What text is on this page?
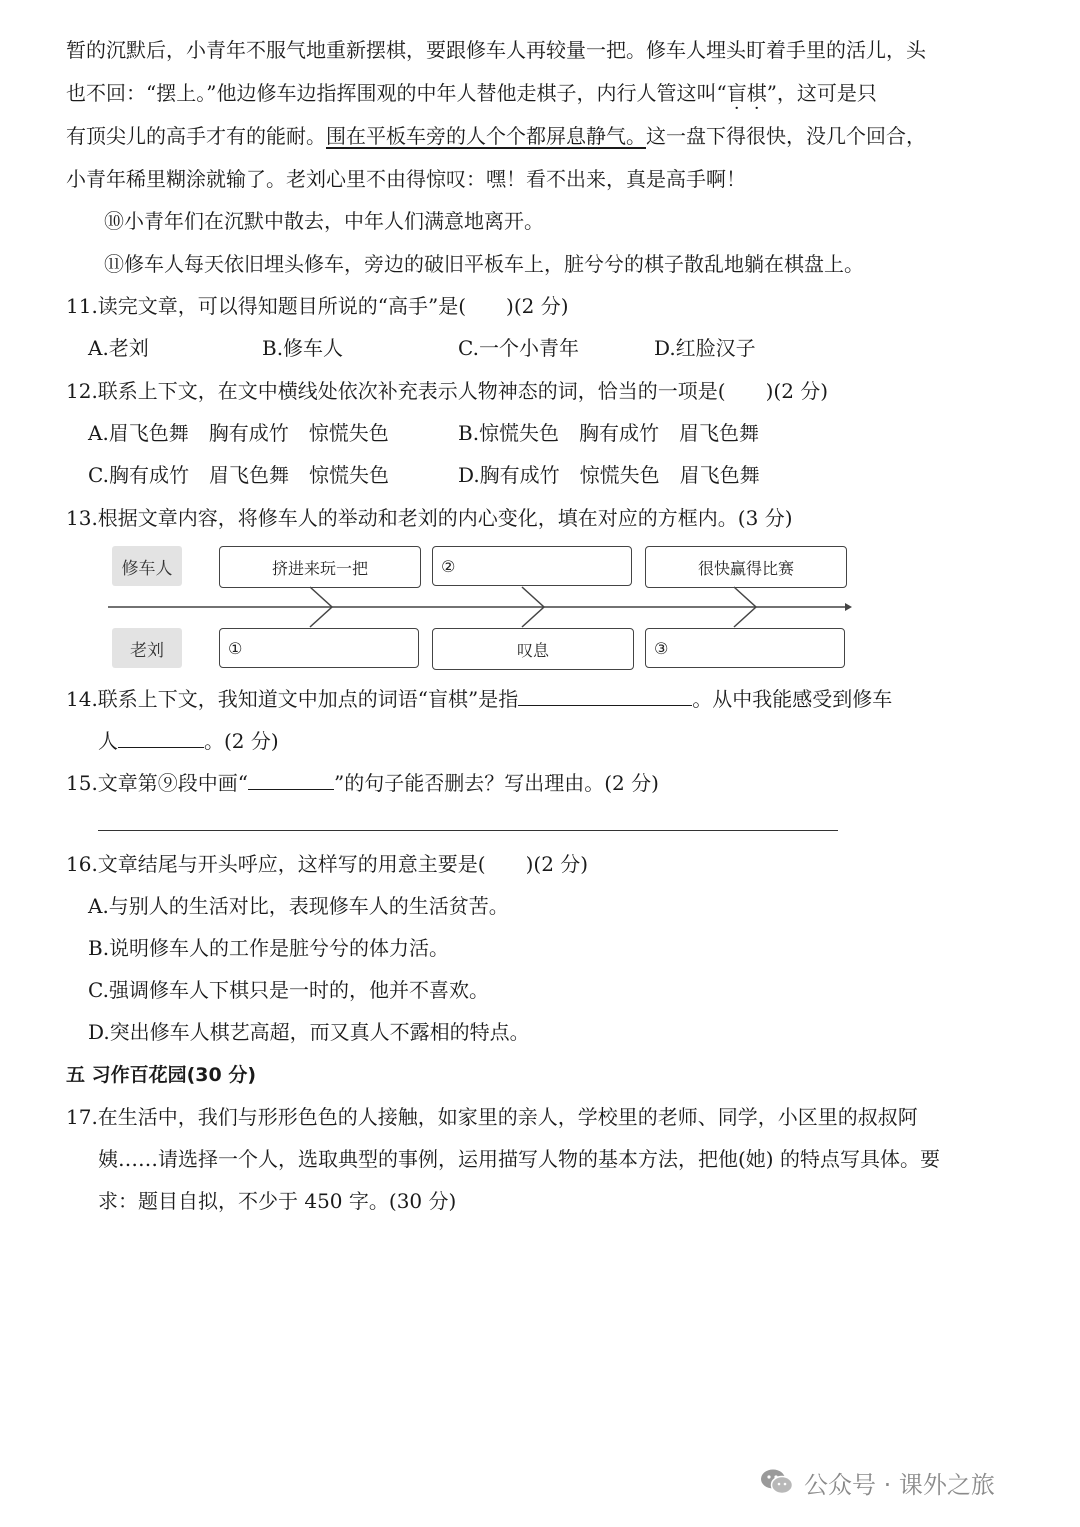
暂的沉默后，小青年不服气地重新摆棋，要跟修车人再较量一把。修车人埋头盯着手里的活儿，头
也不回：“摆上。”他边修车边指挥围观的中年人替他走棋子，内行人管这叫“盲棋”，这可是只
有顶尖儿的高手才有的能耐。围在平板车旁的人个个都屏息静气。这一盘下得很快，没几个回合，
小青年稀里糊涂就输了。老刘心里不由得惊叹：嘿！看不出来，真是高手啊！
⑩小青年们在沉默中散去，中年人们满意地离开。
⑪修车人每天依旧埋头修车，旁边的破旧平板车上，脏兮兮的棋子散乱地躺在棋盘上。
11.读完文章，可以得知题目所说的“高手”是(　　)(2 分)
A.老刘	B.修车人	C.一个小青年	D.红脸汉子
12.联系上下文，在文中横线处依次补充表示人物神态的词，恰当的一项是(　　)(2 分)
A.眉飞色舞　胸有成竹　惊慌失色	B.惊慌失色　胸有成竹　眉飞色舞
C.胸有成竹　眉飞色舞　惊慌失色	D.胸有成竹　惊慌失色　眉飞色舞
13.根据文章内容，将修车人的举动和老刘的内心变化，填在对应的方框内。(3 分)
修车人
老刘
挤进来玩一把	②	很快赢得比赛
①	叹息	③
14.联系上下文，我知道文中加点的词语“盲棋”是指	。从中我能感受到修车
人	。(2 分)
15.文章第⑨段中画“	”的句子能否删去？写出理由。(2 分)
16.文章结尾与开头呼应，这样写的用意主要是(　　)(2 分)
A.与别人的生活对比，表现修车人的生活贫苦。
B.说明修车人的工作是脏兮兮的体力活。
C.强调修车人下棋只是一时的，他并不喜欢。
D.突出修车人棋艺高超，而又真人不露相的特点。
五 习作百花园(30 分)
17.在生活中，我们与形形色色的人接触，如家里的亲人，学校里的老师、同学，小区里的叔叔阿
姨……请选择一个人，选取典型的事例，运用描写人物的基本方法，把他(她) 的特点写具体。要
求：题目自拟，不少于 450 字。(30 分)
公众号 · 课外之旅
